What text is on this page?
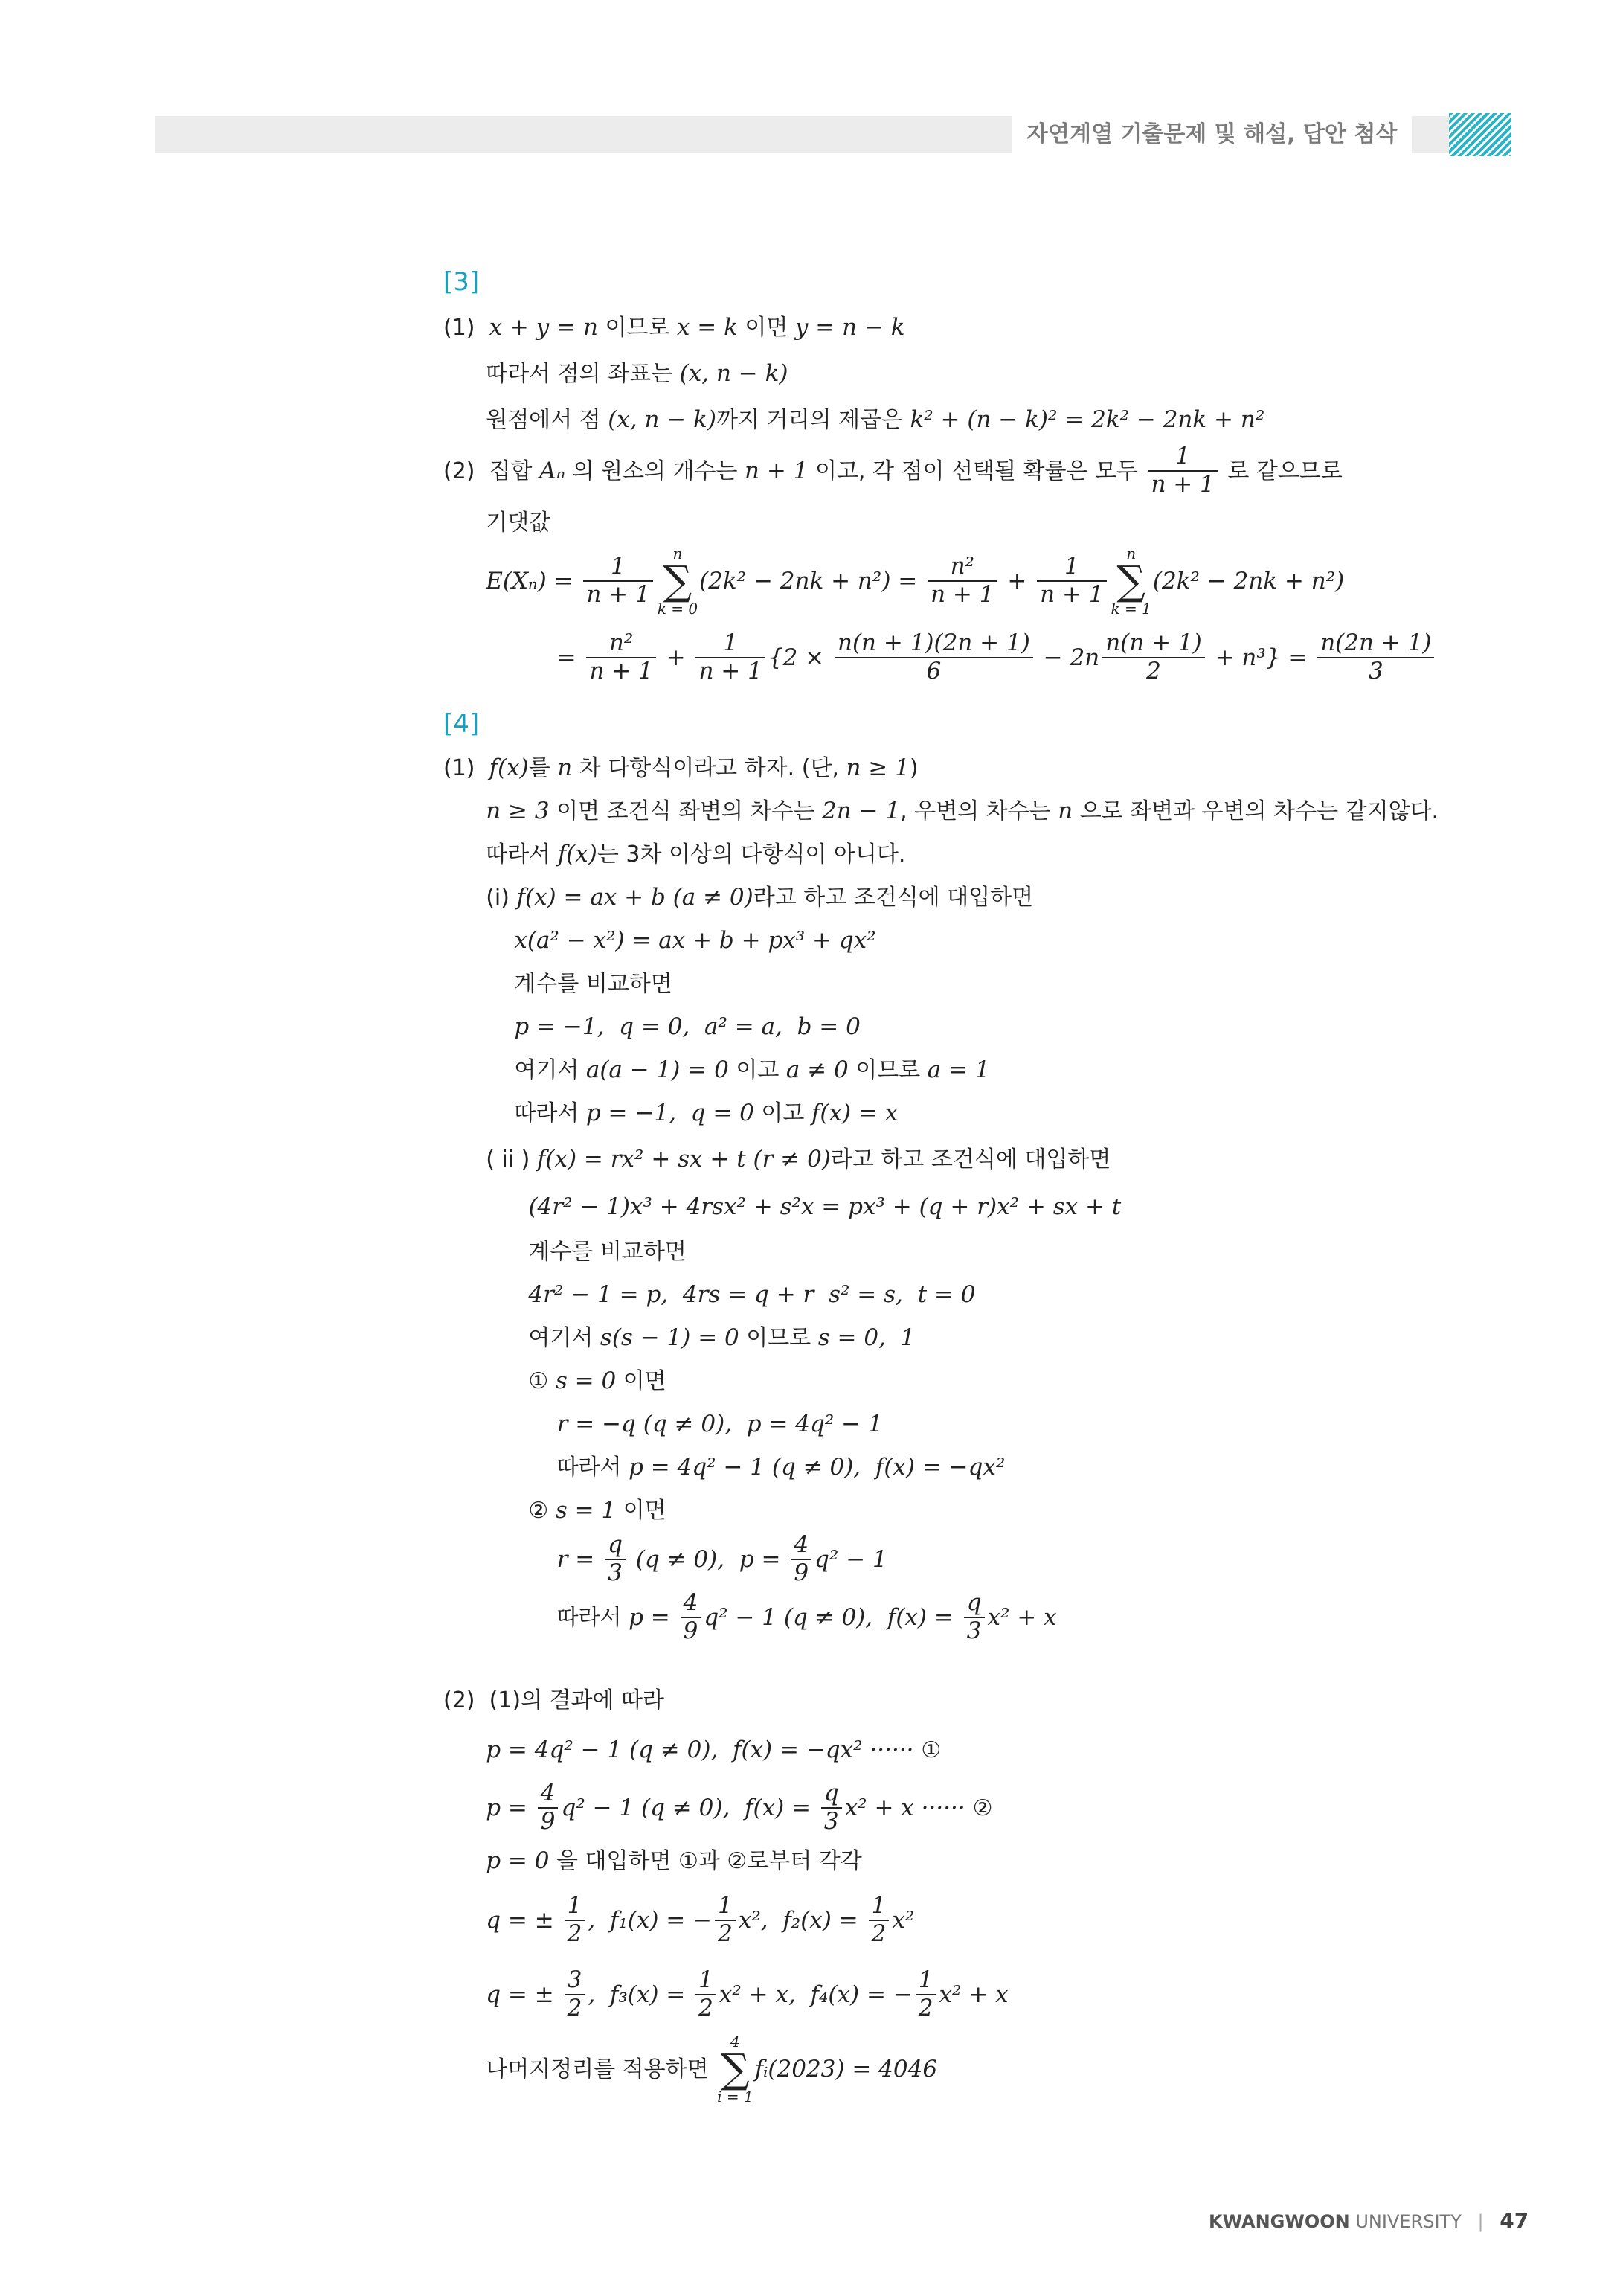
자연계열 기출문제 및 해설, 답안 첨삭
[3]
(1) x + y = n 이므로 x = k 이면 y = n − k
따라서 점의 좌표는 (x, n − k)
원점에서 점 (x, n − k) 까지 거리의 제곱은 k² + (n − k)² = 2k² − 2nk + n²
(2)  집합 Aₙ 의 원소의 개수는 n + 1 이고, 각 점이 선택될 확률은 모두 $\frac{1}{n + 1}$ 로 같으므로
기댓값

$E(X_n) = \frac{1}{n + 1}$
n
∑
k = 0
$(2k^2 - 2nk + n^2) = \frac{\text{n²}}{n + 1} + \frac{1}{n + 1}$
n
∑
k = 1
(2k² − 2nk + n²)

= $\frac{\text{n²}}{n + 1} + \frac{1}{n + 1} \{2 \times \frac{n(n + 1)(2n + 1)}{6} - 2n \frac{n(n + 1)}{2} + n^3\} = \frac{n(2n + 1)}{3}$
[4]
(1) f(x) 를 n 차 다항식이라고 하자. (단, n ≥ 1 )

n ≥ 3 이면 조건식 좌변의 차수는 2n − 1 , 우변의 차수는 n 으로 좌변과 우변의 차수는 같지않다.
따라서 f(x) 는 3차 이상의 다항식이 아니다.
(i) f(x) = ax + b (a ≠ 0) 라고 하고 조건식에 대입하면

x(a² − x²) = ax + b + px³ + qx²
계수를 비교하면

p = −1,  q = 0,  a² = a,  b = 0
여기서 a(a − 1) = 0 이고 a ≠ 0 이므로 a = 1
따라서 p = −1,  q = 0 이고 f(x) = x
( ii ) f(x) = rx² + sx + t (r ≠ 0) 라고 하고 조건식에 대입하면

(4r² − 1)x³ + 4rsx² + s²x = px³ + (q + r)x² + sx + t
계수를 비교하면

4r² − 1 = p,  4rs = q + r  s² = s,  t = 0
여기서 s(s − 1) = 0 이므로 s = 0,  1
① s = 0 이면

r = −q (q ≠ 0),  p = 4q² − 1
따라서 p = 4q² − 1 (q ≠ 0),  f(x) = −qx²
② s = 1 이면

$r = \frac{q}{3} (q \ne 0)$,  $p = \frac{4}{9} q^2 - 1$
따라서 $p = \frac{4}{9} q^2 - 1$ (q ≠ 0),  $f(x) = \frac{q}{3} x^2 + x$

(2)  (1)의 결과에 따라

p = 4q² − 1 (q ≠ 0),  f(x) = −qx² ······ ①

$p = \frac{4}{9} q^2 - 1$ (q ≠ 0),  $f(x) = \frac{q}{3} x^2 + x$ ······ ②

p = 0 을 대입하면 ①과 ②로부터 각각

q = ± $\frac{1}{2}$ ,  f₁(x) = − $\frac{1}{2} x^2$,  $f_2(x) = \frac{1}{2} x^2$

q = ± $\frac{3}{2}$ ,  $f_3(x) = \frac{1}{2} x^2 + x$,  f₄(x) = − $\frac{1}{2} x^2 + x$
나머지정리를 적용하면
4
∑
i = 1
fᵢ(2023) = 4046
KWANGWOON UNIVERSITY | 47
